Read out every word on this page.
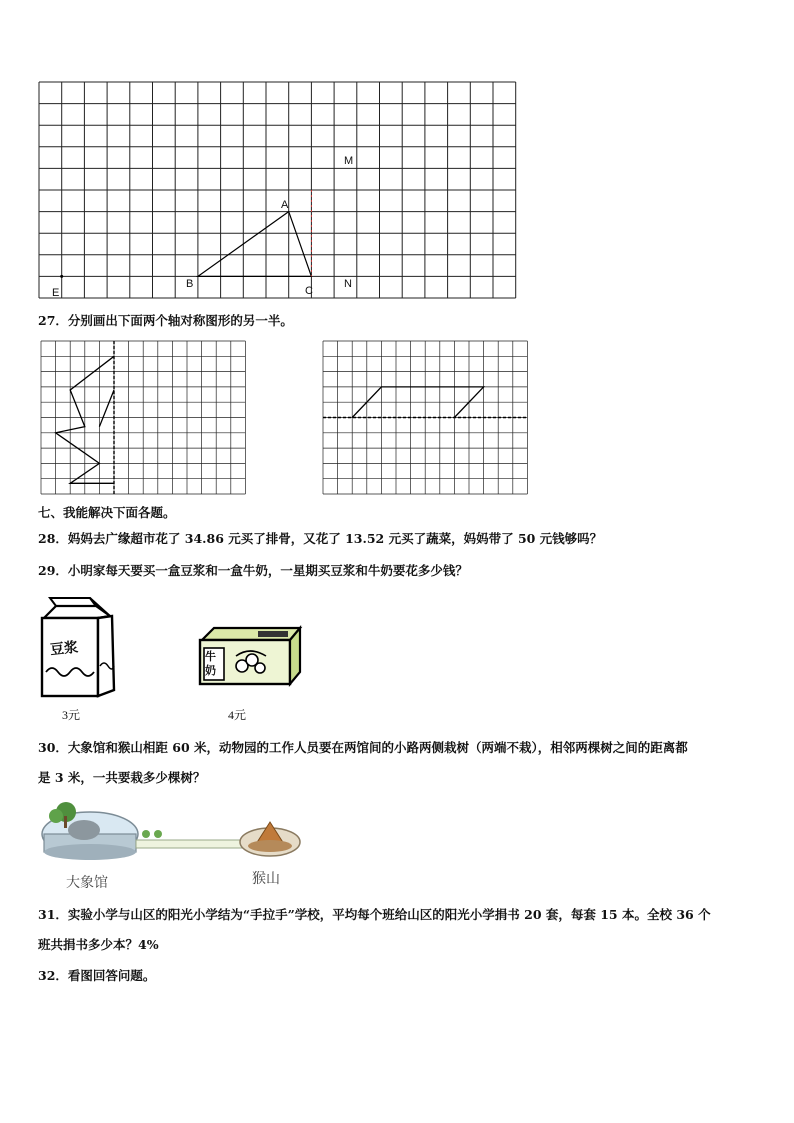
M
A
B
C
N
E
27．分别画出下面两个轴对称图形的另一半。
七、我能解决下面各题。
28．妈妈去广缘超市花了 34.86 元买了排骨，又花了 13.52 元买了蔬菜，妈妈带了 50 元钱够吗？
29．小明家每天要买一盒豆浆和一盒牛奶，一星期买豆浆和牛奶要花多少钱？
豆浆
3元
牛奶
4元
30．大象馆和猴山相距 60 米，动物园的工作人员要在两馆间的小路两侧栽树（两端不栽），相邻两棵树之间的距离都
是 3 米，一共要栽多少棵树？
大象馆	猴山
31．实验小学与山区的阳光小学结为“手拉手”学校，平均每个班给山区的阳光小学捐书 20 套，每套 15 本。全校 36 个
班共捐书多少本？4%
32．看图回答问题。
